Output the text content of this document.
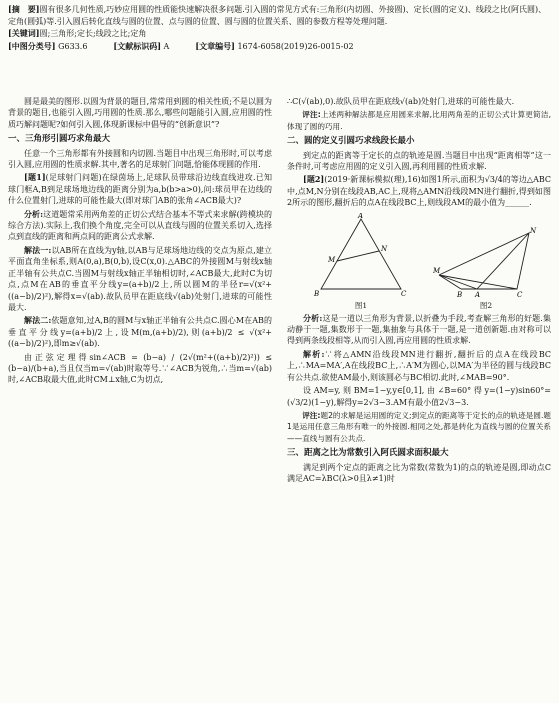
[摘　要]圆有很多几何性质,巧妙应用圆的性质能快速解决很多问题.引入圆的常见方式有:三角形(内切圆、外接圆)、定长(圆的定义)、线段之比(阿氏圆)、定角(圆弧)等.引入圆后转化直线与圆的位置、点与圆的位置、圆与圆的位置关系、圆的参数方程等处理问题.
[关键词]圆;三角形;定长;线段之比;定角
[中图分类号] G633.6	[文献标识码] A	[文章编号] 1674-6058(2019)26-0015-02

圆是最美的图形.以圆为背景的题目,常常用到圆的相关性质;不是以圆为背景的题目,也能引入圆,巧用圆的性质.那么,哪些问题能引入圆,应用圆的性质巧解问题呢?如何引入圆,体现新课标中倡导的“创新意识”?

一、三角形引圆巧求角最大

任意一个三角形都有外接圆和内切圆.当题目中出现三角形时,可以考虑引入圆,应用圆的性质求解.其中,著名的足球射门问题,恰能体现圆的作用.

[题1](足球射门问题)在绿茵场上,足球队员带球沿边线直线进攻.已知球门框A,B到足球场地边线的距离分别为a,b(b>a>0),问:球员甲在边线的什么位置射门,进球的可能性最大(即对球门AB的张角∠ACB最大)?

分析:这道题常采用两角差的正切公式结合基本不等式来求解(跨模块的综合方法).实际上,我们换个角度,完全可以从直线与圆的位置关系切入,选择点到直线的距离和两点间的距离公式求解.

解法一:以AB所在直线为y轴,以AB与足球场地边线的交点为原点,建立平面直角坐标系,则A(0,a),B(0,b),设C(x,0).△ABC的外接圆M与射线x轴正半轴有公共点C.当圆M与射线x轴正半轴相切时,∠ACB最大,此时C为切点,点M在AB的垂直平分线y=(a+b)/2上,所以圆M的半径r=√(x²+((a−b)/2)²),解得x=√(ab).故队员甲在距底线√(ab)处射门,进球的可能性最大.

解法二:依题意知,过A,B的圆M与x轴正半轴有公共点C.圆心M在AB的垂直平分线y=(a+b)/2上,设M(m,(a+b)/2),则(a+b)/2 ≤ √(x²+((a−b)/2)²),即m≥√(ab).

由正弦定理得sin∠ACB = (b−a) / (2√(m²+((a+b)/2)²)) ≤ (b−a)/(b+a),当且仅当m=√(ab)时取等号.∵∠ACB为锐角,∴当m=√(ab)时,∠ACB取最大值,此时CM⊥x轴,C为切点,

∴C(√(ab),0).故队员甲在距底线√(ab)处射门,进球的可能性最大.

评注:上述两种解法都是应用圆来求解,比用两角差的正切公式计算更简洁,体现了圆的巧用.

二、圆的定义引圆巧求线段长最小

到定点的距离等于定长的点的轨迹是圆.当题目中出现“距离相等”这一条件时,可考虑应用圆的定义引入圆,再利用圆的性质求解.

[题2](2019·新课标模拟(理),16)如图1所示,面积为√3/4的等边△ABC中,点M,N分别在线段AB,AC上,现将△AMN沿线段MN进行翻折,得到如图2所示的图形,翻折后的点A在线段BC上,则线段AM的最小值为______.

A
B	C
M
N
图1
M
N
B A	C
图2

分析:这是一道以三角形为背景,以折叠为手段,考查解三角形的好题.集动静于一题,集数形于一题,集抽象与具体于一题,是一道创新题.由对称可以得到两条线段相等,从而引入圆,再应用圆的性质求解.

解析:∵将△AMN沿线段MN进行翻折,翻折后的点A在线段BC上,∴MA=MA′,A在线段BC上,∴A′M为圆心,以MA′为半径的圆与线段BC有公共点.欲使AM最小,则该圆必与BC相切.此时,∠MAB=90°.

设AM=y,则BM=1−y,y∈[0,1],由∠B=60°得y=(1−y)sin60°=(√3/2)(1−y),解得y=2√3−3.AM有最小值2√3−3.

评注:题2的求解是运用圆的定义;到定点的距离等于定长的点的轨迹是圆.题1是运用任意三角形有唯一的外接圆.相同之处,都是转化为直线与圆的位置关系——直线与圆有公共点.

三、距离之比为常数引入阿氏圆求面积最大

满足到两个定点的距离之比为常数(常数为1)的点的轨迹是圆,即动点C满足AC=λBC(λ>0且λ≠1)时
